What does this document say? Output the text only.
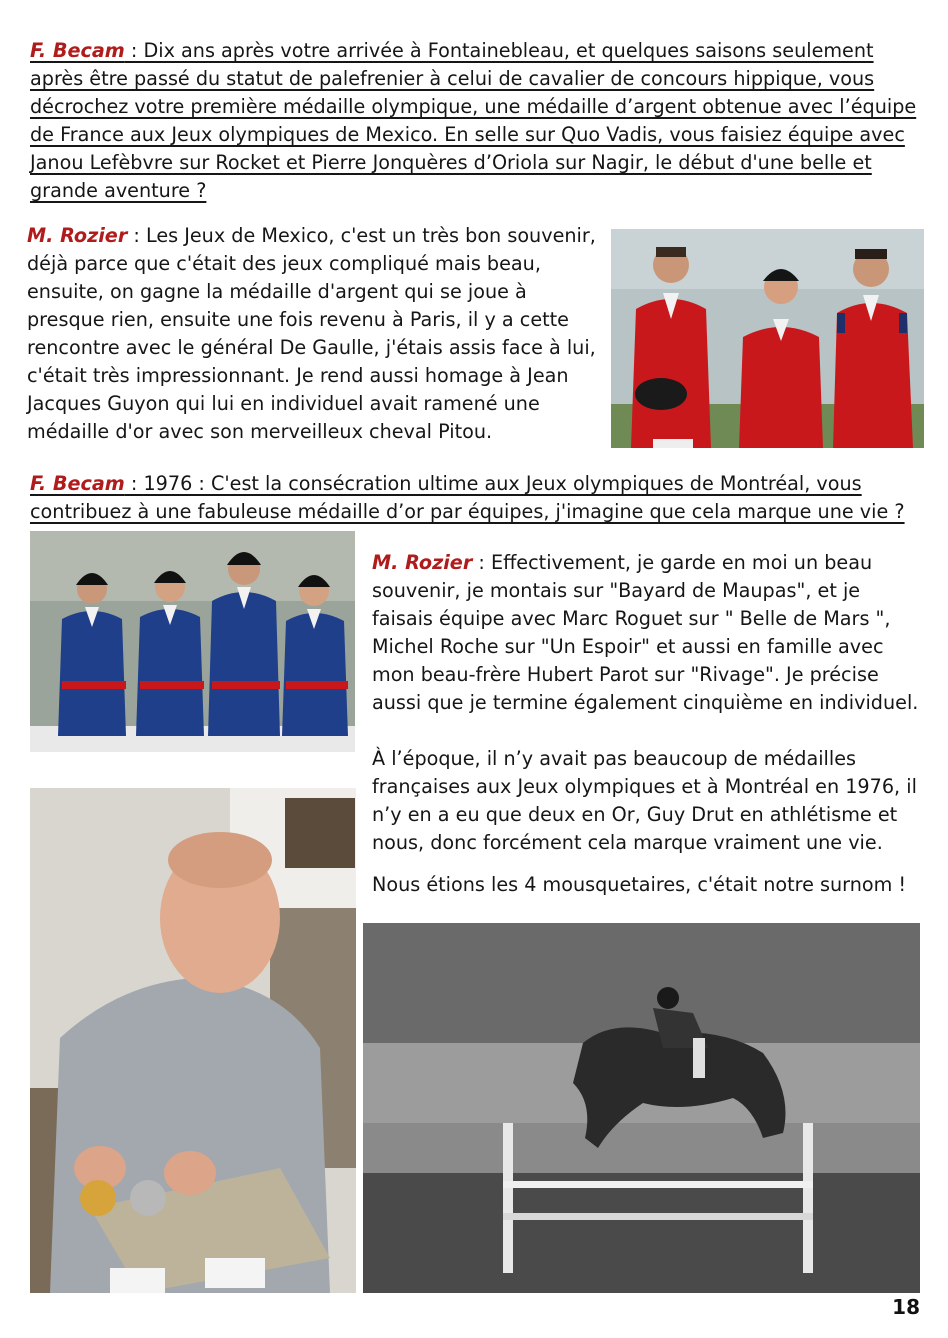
F. Becam : Dix ans après votre arrivée à Fontainebleau, et quelques saisons seulement après être passé du statut de palefrenier à celui de cavalier de concours hippique, vous décrochez votre première médaille olympique, une médaille d’argent obtenue avec l’équipe de France aux Jeux olympiques de Mexico. En selle sur Quo Vadis, vous faisiez équipe avec Janou Lefèbvre sur Rocket et Pierre Jonquères d’Oriola sur Nagir, le début d'une belle et grande aventure ?

M. Rozier : Les Jeux de Mexico, c'est un très bon souvenir, déjà parce que c'était des jeux compliqué mais beau, ensuite, on gagne la médaille d'argent qui se joue à presque rien, ensuite une fois revenu à Paris, il y a cette rencontre avec le général De Gaulle, j'étais assis face à lui, c'était très impressionnant. Je rend aussi homage à Jean Jacques Guyon qui lui en individuel avait ramené une médaille d'or avec son merveilleux cheval Pitou.

F. Becam : 1976 : C'est la consécration ultime aux Jeux olympiques de Montréal, vous contribuez à une fabuleuse médaille d’or par équipes, j'imagine que cela marque une vie ?

M. Rozier : Effectivement, je garde en moi un beau souvenir, je montais sur "Bayard de Maupas", et je faisais équipe avec Marc Roguet sur " Belle de Mars ", Michel Roche sur "Un Espoir" et aussi en famille avec mon beau-frère Hubert Parot sur "Rivage". Je précise aussi que je termine également cinquième en individuel.

À l’époque, il n’y avait pas beaucoup de médailles françaises aux Jeux olympiques et à Montréal en 1976, il n’y en a eu que deux en Or, Guy Drut en athlétisme et nous, donc forcément cela marque vraiment une vie.

Nous étions les 4 mousquetaires, c'était notre surnom !

18
